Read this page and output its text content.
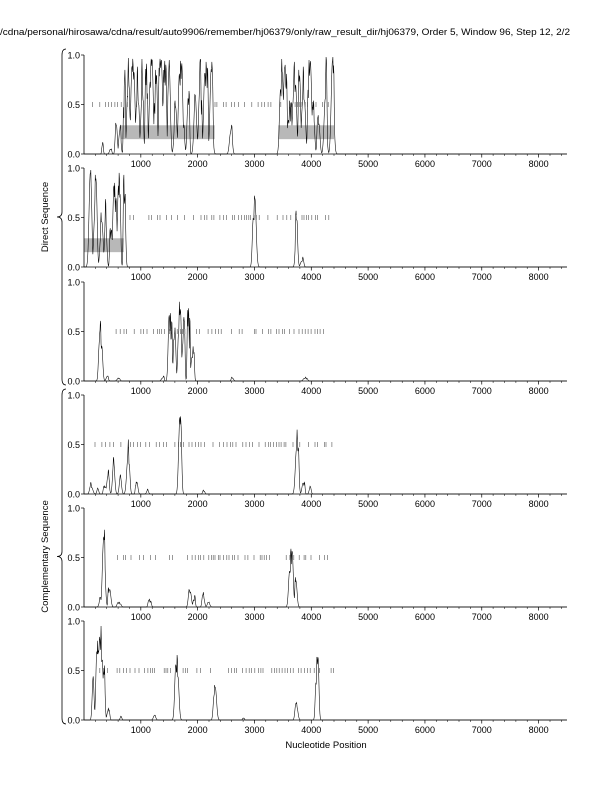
/cdna/personal/hirosawa/cdna/result/auto9906/remember/hj06379/only/raw_result_dir/hj06379, Order 5, Window 96, Step 12, 2/2
Direct Sequence
Complementary Sequence
0.0
0.5
1.0
1000	2000	3000	4000	5000	6000	7000	8000
0.0
0.5
1.0
1000	2000	3000	4000	5000	6000	7000	8000
0.0
0.5
1.0
1000	2000	3000	4000	5000	6000	7000	8000
0.0
0.5
1.0
1000	2000	3000	4000	5000	6000	7000	8000
0.0
0.5
1.0
1000	2000	3000	4000	5000	6000	7000	8000
0.0
0.5
1.0
1000	2000	3000	4000	5000	6000	7000	8000
Nucleotide Position
